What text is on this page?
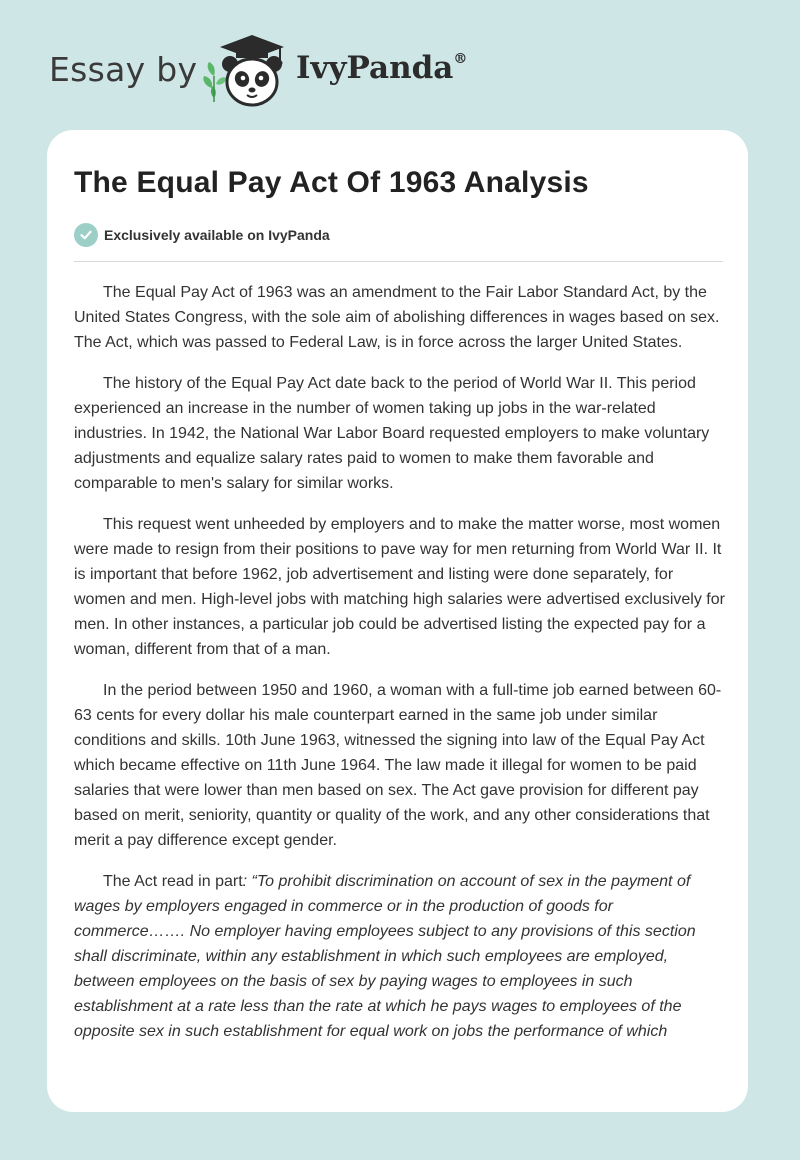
Essay by	IvyPanda®
The Equal Pay Act Of 1963 Analysis
Exclusively available on IvyPanda

The Equal Pay Act of 1963 was an amendment to the Fair Labor Standard Act, by the United States Congress, with the sole aim of abolishing differences in wages based on sex. The Act, which was passed to Federal Law, is in force across the larger United States.

The history of the Equal Pay Act date back to the period of World War II. This period experienced an increase in the number of women taking up jobs in the war-related industries. In 1942, the National War Labor Board requested employers to make voluntary adjustments and equalize salary rates paid to women to make them favorable and comparable to men's salary for similar works.

This request went unheeded by employers and to make the matter worse, most women were made to resign from their positions to pave way for men returning from World War II. It is important that before 1962, job advertisement and listing were done separately, for women and men. High-level jobs with matching high salaries were advertised exclusively for men. In other instances, a particular job could be advertised listing the expected pay for a woman, different from that of a man.

In the period between 1950 and 1960, a woman with a full-time job earned between 60-63 cents for every dollar his male counterpart earned in the same job under similar conditions and skills. 10th June 1963, witnessed the signing into law of the Equal Pay Act which became effective on 11th June 1964. The law made it illegal for women to be paid salaries that were lower than men based on sex. The Act gave provision for different pay based on merit, seniority, quantity or quality of the work, and any other considerations that merit a pay difference except gender.

The Act read in part: “To prohibit discrimination on account of sex in the payment of wages by employers engaged in commerce or in the production of goods for commerce……. No employer having employees subject to any provisions of this section shall discriminate, within any establishment in which such employees are employed, between employees on the basis of sex by paying wages to employees in such establishment at a rate less than the rate at which he pays wages to employees of the opposite sex in such establishment for equal work on jobs the performance of which
